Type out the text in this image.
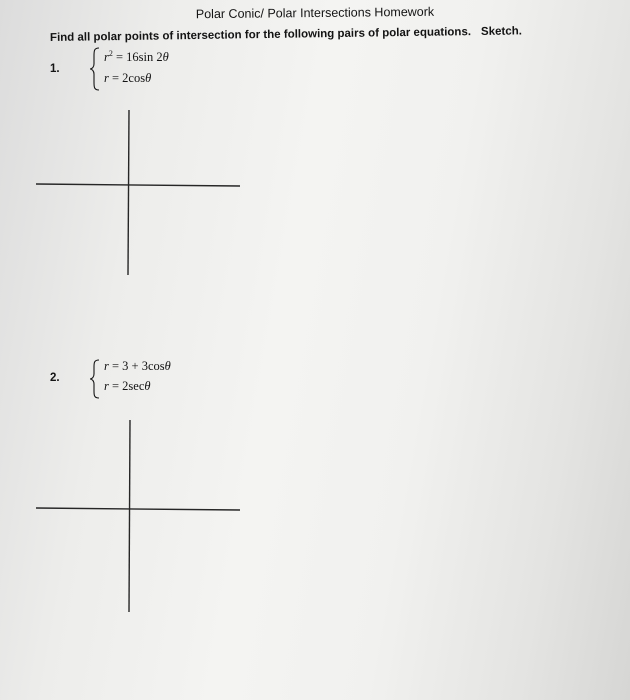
Polar Conic/ Polar Intersections Homework
Find all polar points of intersection for the following pairs of polar equations. Sketch.
1.
$r^2 = 16\sin$ 2θ
r = 2cosθ
2.
r = 3 + 3cosθ
r = 2secθ
